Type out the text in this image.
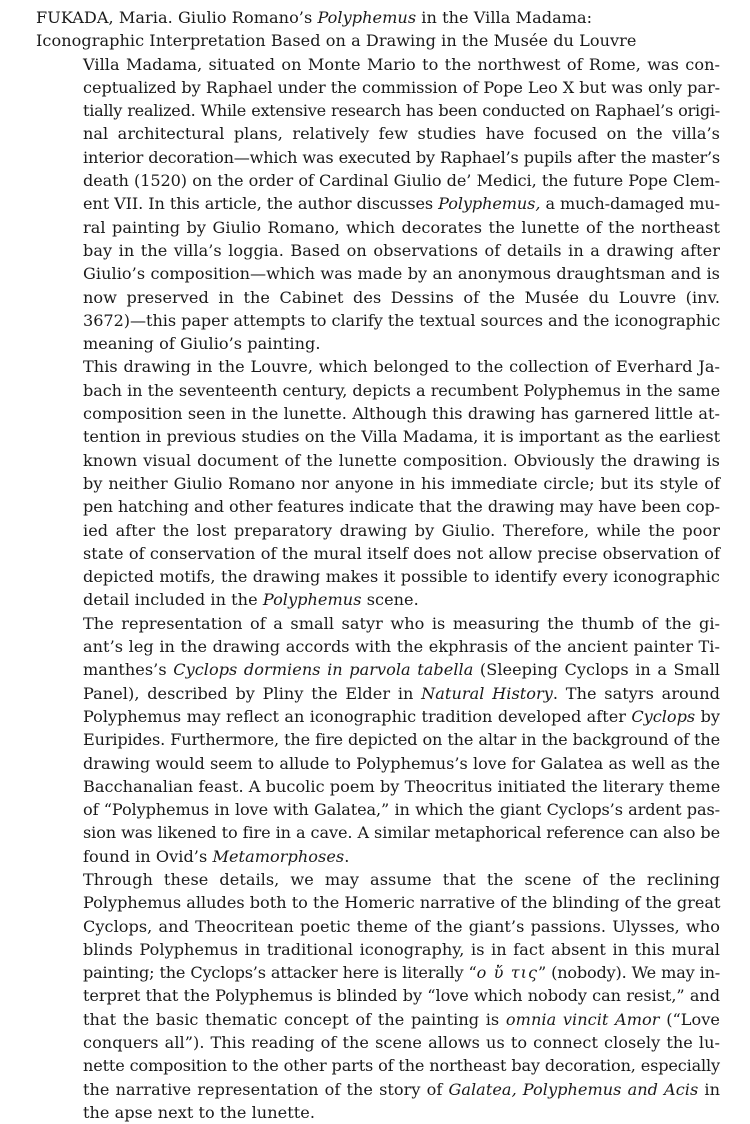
FUKADA, Maria. Giulio Romano’s Polyphemus in the Villa Madama:
Iconographic Interpretation Based on a Drawing in the Musée du Louvre
Villa Madama, situated on Monte Mario to the northwest of Rome, was con-
ceptualized by Raphael under the commission of Pope Leo X but was only par-
tially realized. While extensive research has been conducted on Raphael’s origi-
nal architectural plans, relatively few studies have focused on the villa’s
interior decoration—which was executed by Raphael’s pupils after the master’s
death (1520) on the order of Cardinal Giulio de’ Medici, the future Pope Clem-
ent VII. In this article, the author discusses Polyphemus, a much-damaged mu-
ral painting by Giulio Romano, which decorates the lunette of the northeast
bay in the villa’s loggia. Based on observations of details in a drawing after
Giulio’s composition—which was made by an anonymous draughtsman and is
now preserved in the Cabinet des Dessins of the Musée du Louvre (inv.
3672)—this paper attempts to clarify the textual sources and the iconographic
meaning of Giulio’s painting.
This drawing in the Louvre, which belonged to the collection of Everhard Ja-
bach in the seventeenth century, depicts a recumbent Polyphemus in the same
composition seen in the lunette. Although this drawing has garnered little at-
tention in previous studies on the Villa Madama, it is important as the earliest
known visual document of the lunette composition. Obviously the drawing is
by neither Giulio Romano nor anyone in his immediate circle; but its style of
pen hatching and other features indicate that the drawing may have been cop-
ied after the lost preparatory drawing by Giulio. Therefore, while the poor
state of conservation of the mural itself does not allow precise observation of
depicted motifs, the drawing makes it possible to identify every iconographic
detail included in the Polyphemus scene.
The representation of a small satyr who is measuring the thumb of the gi-
ant’s leg in the drawing accords with the ekphrasis of the ancient painter Ti-
manthes’s Cyclops dormiens in parvola tabella (Sleeping Cyclops in a Small
Panel), described by Pliny the Elder in Natural History. The satyrs around
Polyphemus may reflect an iconographic tradition developed after Cyclops by
Euripides. Furthermore, the fire depicted on the altar in the background of the
drawing would seem to allude to Polyphemus’s love for Galatea as well as the
Bacchanalian feast. A bucolic poem by Theocritus initiated the literary theme
of “Polyphemus in love with Galatea,” in which the giant Cyclops’s ardent pas-
sion was likened to fire in a cave. A similar metaphorical reference can also be
found in Ovid’s Metamorphoses.
Through these details, we may assume that the scene of the reclining
Polyphemus alludes both to the Homeric narrative of the blinding of the great
Cyclops, and Theocritean poetic theme of the giant’s passions. Ulysses, who
blinds Polyphemus in traditional iconography, is in fact absent in this mural
painting; the Cyclops’s attacker here is literally “ο ὔ τις” (nobody). We may in-
terpret that the Polyphemus is blinded by “love which nobody can resist,” and
that the basic thematic concept of the painting is omnia vincit Amor (“Love
conquers all”). This reading of the scene allows us to connect closely the lu-
nette composition to the other parts of the northeast bay decoration, especially
the narrative representation of the story of Galatea, Polyphemus and Acis in
the apse next to the lunette.
